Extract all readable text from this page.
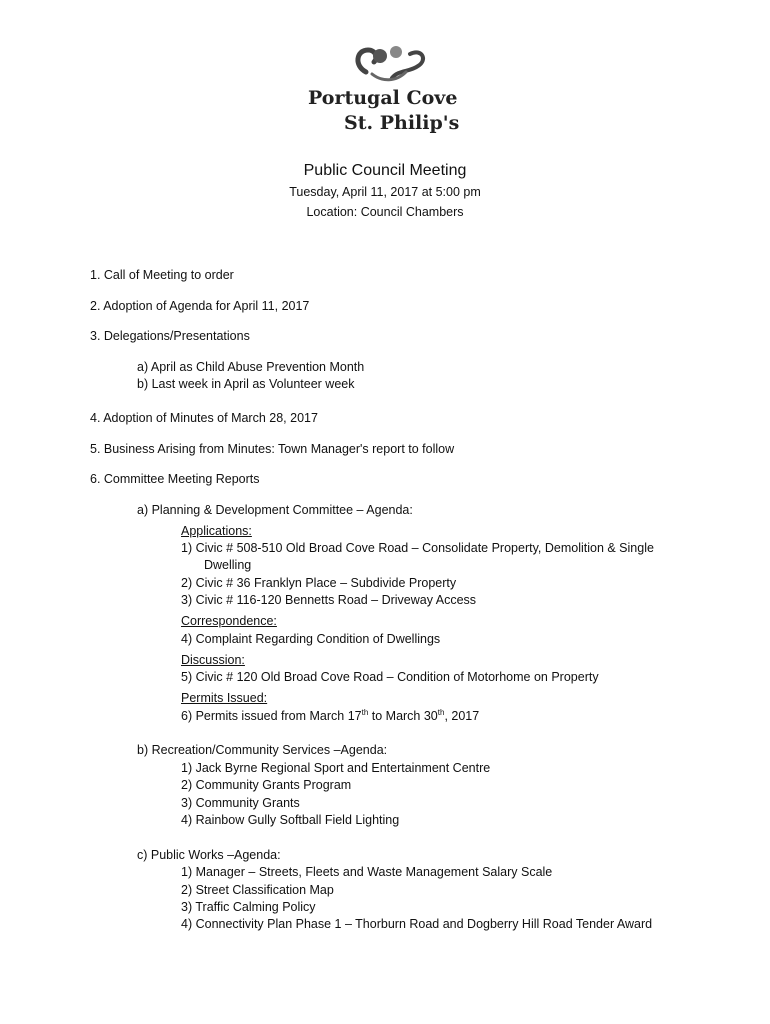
Portugal Cove
St. Philip's

Public Council Meeting

Tuesday, April 11, 2017 at 5:00 pm

Location: Council Chambers

1. Call of Meeting to order
2. Adoption of Agenda for April 11, 2017
3. Delegations/Presentations
a) April as Child Abuse Prevention Month
b) Last week in April as Volunteer week
4. Adoption of Minutes of March 28, 2017
5. Business Arising from Minutes: Town Manager's report to follow
6. Committee Meeting Reports
a) Planning & Development Committee – Agenda:
Applications:
1) Civic # 508-510 Old Broad Cove Road – Consolidate Property, Demolition & Single
Dwelling
2) Civic # 36 Franklyn Place – Subdivide Property
3) Civic # 116-120 Bennetts Road – Driveway Access
Correspondence:
4) Complaint Regarding Condition of Dwellings
Discussion:
5) Civic # 120 Old Broad Cove Road – Condition of Motorhome on Property
Permits Issued:
6) Permits issued from March 17th to March 30th, 2017
b) Recreation/Community Services –Agenda:
1) Jack Byrne Regional Sport and Entertainment Centre
2) Community Grants Program
3) Community Grants
4) Rainbow Gully Softball Field Lighting
c) Public Works –Agenda:
1) Manager – Streets, Fleets and Waste Management Salary Scale
2) Street Classification Map
3) Traffic Calming Policy
4) Connectivity Plan Phase 1 – Thorburn Road and Dogberry Hill Road Tender Award
